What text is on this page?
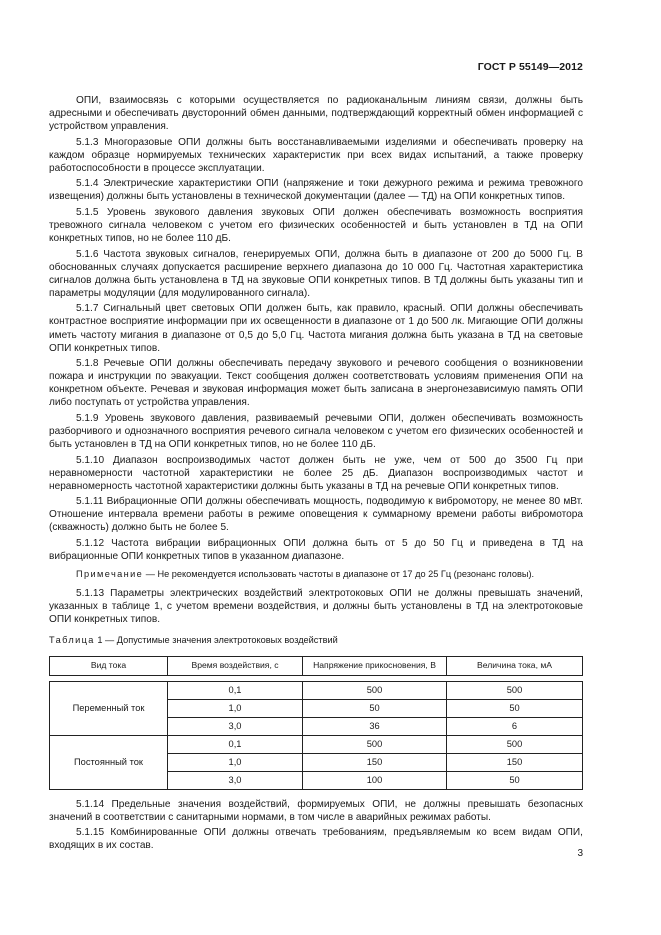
ГОСТ Р 55149—2012

ОПИ, взаимосвязь с которыми осуществляется по радиоканальным линиям связи, должны быть адресными и обеспечивать двусторонний обмен данными, подтверждающий корректный обмен информацией с устройством управления.

5.1.3 Многоразовые ОПИ должны быть восстанавливаемыми изделиями и обеспечивать проверку на каждом образце нормируемых технических характеристик при всех видах испытаний, а также проверку работоспособности в процессе эксплуатации.

5.1.4 Электрические характеристики ОПИ (напряжение и токи дежурного режима и режима тревожного извещения) должны быть установлены в технической документации (далее — ТД) на ОПИ конкретных типов.

5.1.5 Уровень звукового давления звуковых ОПИ должен обеспечивать возможность восприятия тревожного сигнала человеком с учетом его физических особенностей и быть установлен в ТД на ОПИ конкретных типов, но не более 110 дБ.

5.1.6 Частота звуковых сигналов, генерируемых ОПИ, должна быть в диапазоне от 200 до 5000 Гц. В обоснованных случаях допускается расширение верхнего диапазона до 10 000 Гц. Частотная характеристика сигналов должна быть установлена в ТД на звуковые ОПИ конкретных типов. В ТД должны быть указаны тип и параметры модуляции (для модулированного сигнала).

5.1.7 Сигнальный цвет световых ОПИ должен быть, как правило, красный. ОПИ должны обеспечивать контрастное восприятие информации при их освещенности в диапазоне от 1 до 500 лк. Мигающие ОПИ должны иметь частоту мигания в диапазоне от 0,5 до 5,0 Гц. Частота мигания должна быть указана в ТД на световые ОПИ конкретных типов.

5.1.8 Речевые ОПИ должны обеспечивать передачу звукового и речевого сообщения о возникновении пожара и инструкции по эвакуации. Текст сообщения должен соответствовать условиям применения ОПИ на конкретном объекте. Речевая и звуковая информация может быть записана в энергонезависимую память ОПИ либо поступать от устройства управления.

5.1.9 Уровень звукового давления, развиваемый речевыми ОПИ, должен обеспечивать возможность разборчивого и однозначного восприятия речевого сигнала человеком с учетом его физических особенностей и быть установлен в ТД на ОПИ конкретных типов, но не более 110 дБ.

5.1.10 Диапазон воспроизводимых частот должен быть не уже, чем от 500 до 3500 Гц при неравномерности частотной характеристики не более 25 дБ. Диапазон воспроизводимых частот и неравномерность частотной характеристики должны быть указаны в ТД на речевые ОПИ конкретных типов.

5.1.11 Вибрационные ОПИ должны обеспечивать мощность, подводимую к вибромотору, не менее 80 мВт. Отношение интервала времени работы в режиме оповещения к суммарному времени работы вибромотора (скважность) должно быть не более 5.

5.1.12 Частота вибрации вибрационных ОПИ должна быть от 5 до 50 Гц и приведена в ТД на вибрационные ОПИ конкретных типов в указанном диапазоне.

Примечание — Не рекомендуется использовать частоты в диапазоне от 17 до 25 Гц (резонанс головы).

5.1.13 Параметры электрических воздействий электротоковых ОПИ не должны превышать значений, указанных в таблице 1, с учетом времени воздействия, и должны быть установлены в ТД на электротоковые ОПИ конкретных типов.

Таблица 1 — Допустимые значения электротоковых воздействий

Вид тока	Время воздействия, с	Напряжение прикосновения, В	Величина тока, мА

Переменный ток	0,1	500	500
	1,0	50	50
	3,0	36	6
Постоянный ток	0,1	500	500
	1,0	150	150
	3,0	100	50

5.1.14 Предельные значения воздействий, формируемых ОПИ, не должны превышать безопасных значений в соответствии с санитарными нормами, в том числе в аварийных режимах работы.

5.1.15 Комбинированные ОПИ должны отвечать требованиям, предъявляемым ко всем видам ОПИ, входящих в их состав.

3
